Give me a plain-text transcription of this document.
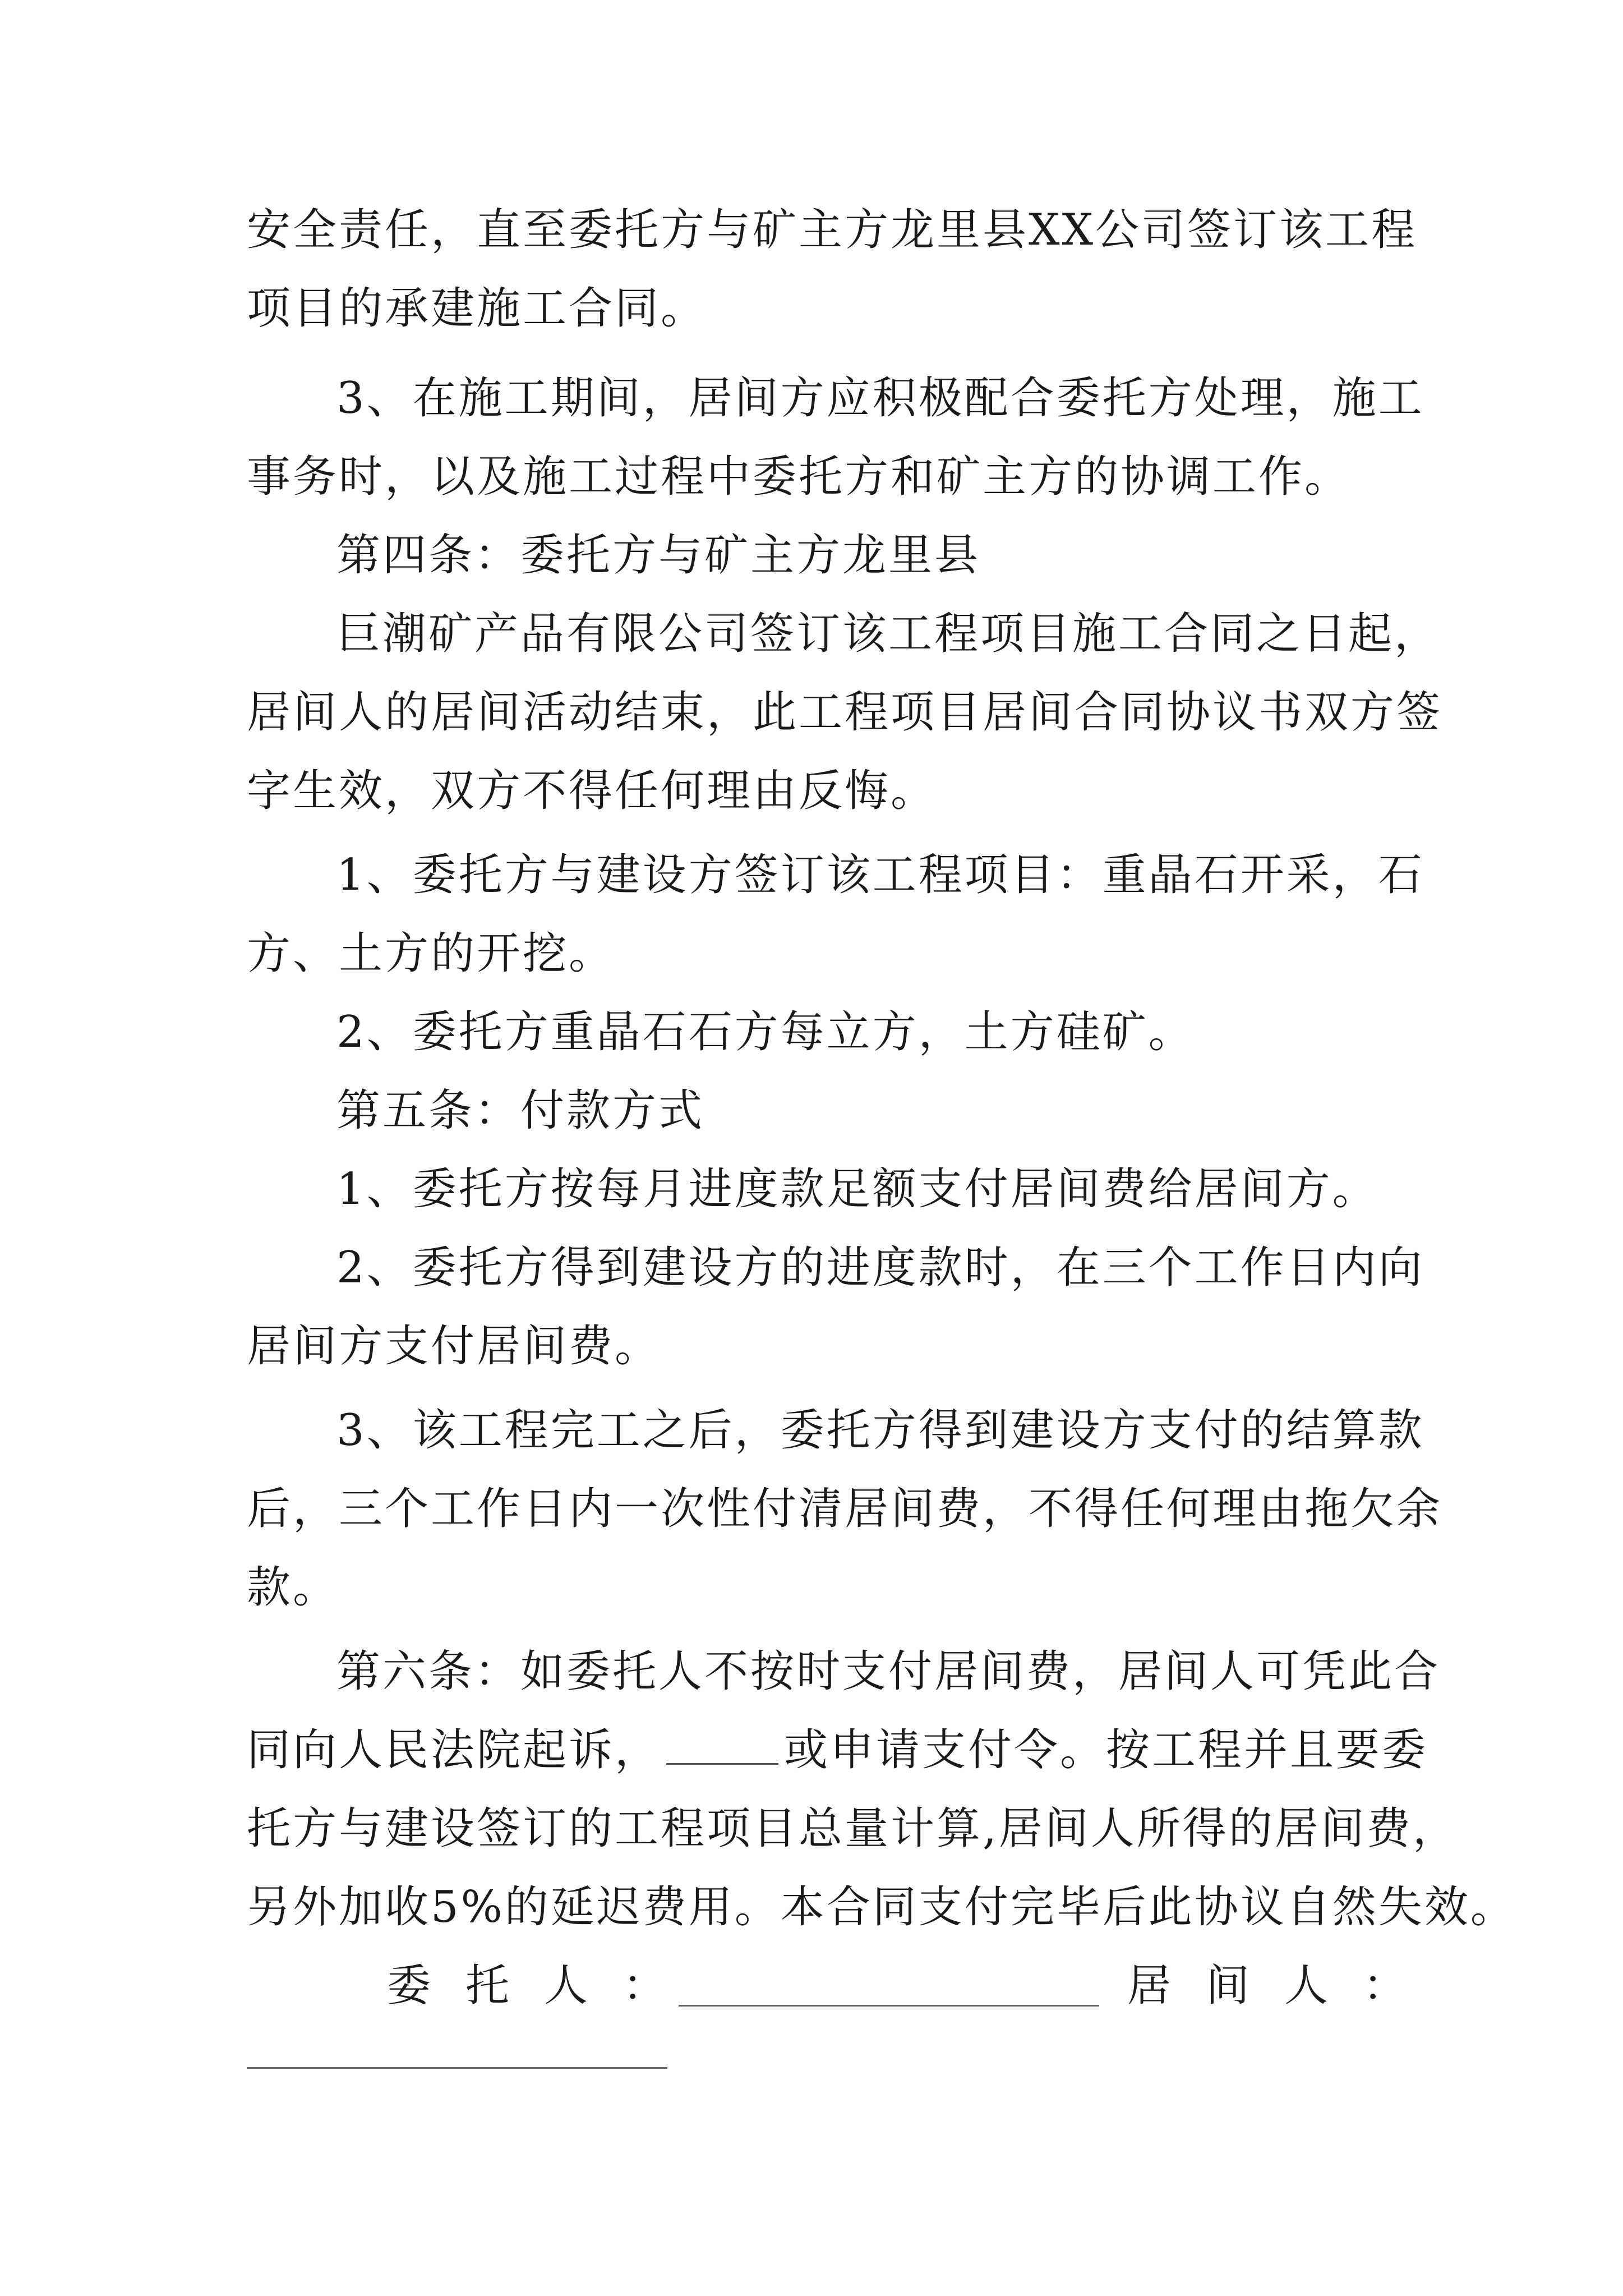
安全责任，直至委托方与矿主方龙里县XX公司签订该工程
项目的承建施工合同。
3、在施工期间，居间方应积极配合委托方处理，施工
事务时，以及施工过程中委托方和矿主方的协调工作。
第四条：委托方与矿主方龙里县
巨潮矿产品有限公司签订该工程项目施工合同之日起，
居间人的居间活动结束，此工程项目居间合同协议书双方签
字生效，双方不得任何理由反悔。
1、委托方与建设方签订该工程项目：重晶石开采，石
方、土方的开挖。
2、委托方重晶石石方每立方，土方硅矿。
第五条：付款方式
1、委托方按每月进度款足额支付居间费给居间方。
2、委托方得到建设方的进度款时，在三个工作日内向
居间方支付居间费。
3、该工程完工之后，委托方得到建设方支付的结算款
后，三个工作日内一次性付清居间费，不得任何理由拖欠余
款。
第六条：如委托人不按时支付居间费，居间人可凭此合
同向人民法院起诉，	或申请支付令。按工程并且要委
托方与建设签订的工程项目总量计算,居间人所得的居间费，
另外加收5%的延迟费用。本合同支付完毕后此协议自然失效。
委托人：	居间人：
